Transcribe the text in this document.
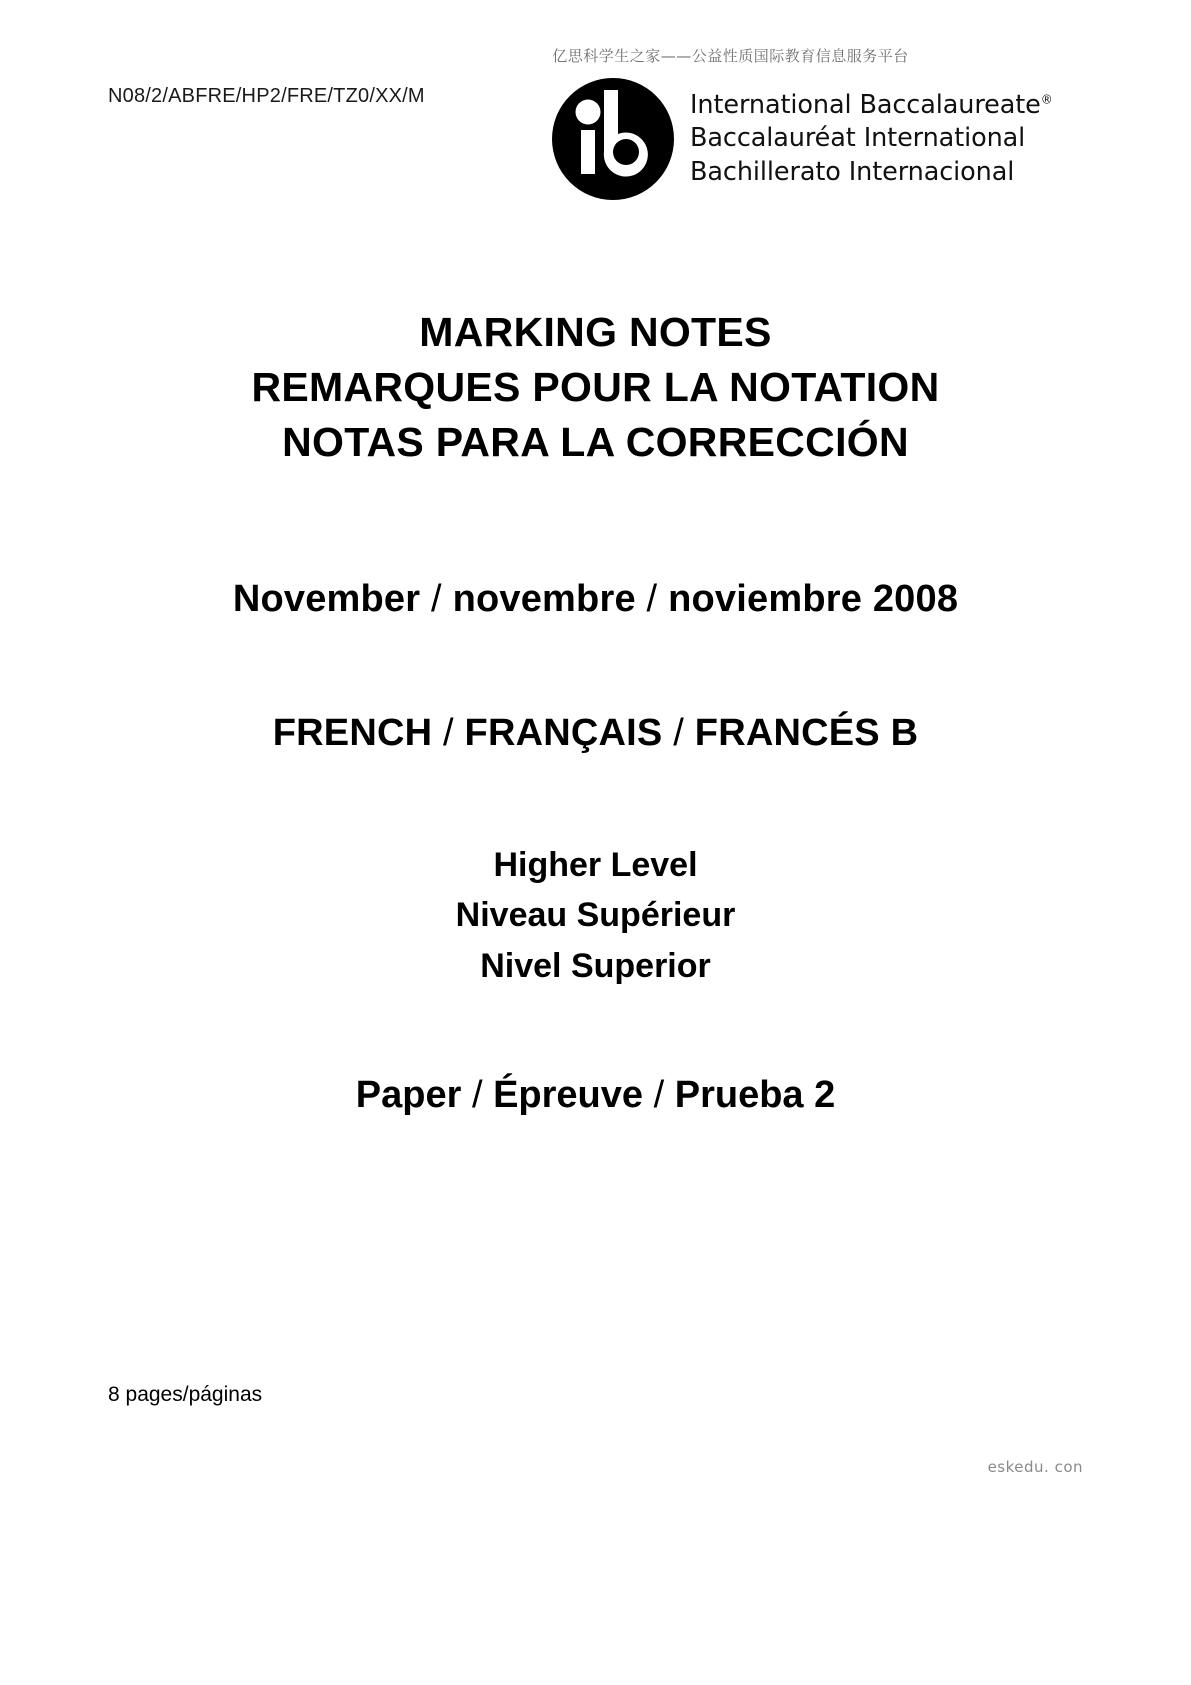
亿思科学生之家——公益性质国际教育信息服务平台
N08/2/ABFRE/HP2/FRE/TZ0/XX/M	International Baccalaureate®
Baccalauréat International
Bachillerato Internacional
MARKING NOTES
REMARQUES POUR LA NOTATION
NOTAS PARA LA CORRECCIÓN
November / novembre / noviembre 2008
FRENCH / FRANÇAIS / FRANCÉS B
Higher Level
Niveau Supérieur
Nivel Superior
Paper / Épreuve / Prueba 2
8 pages/páginas
eskedu. con
